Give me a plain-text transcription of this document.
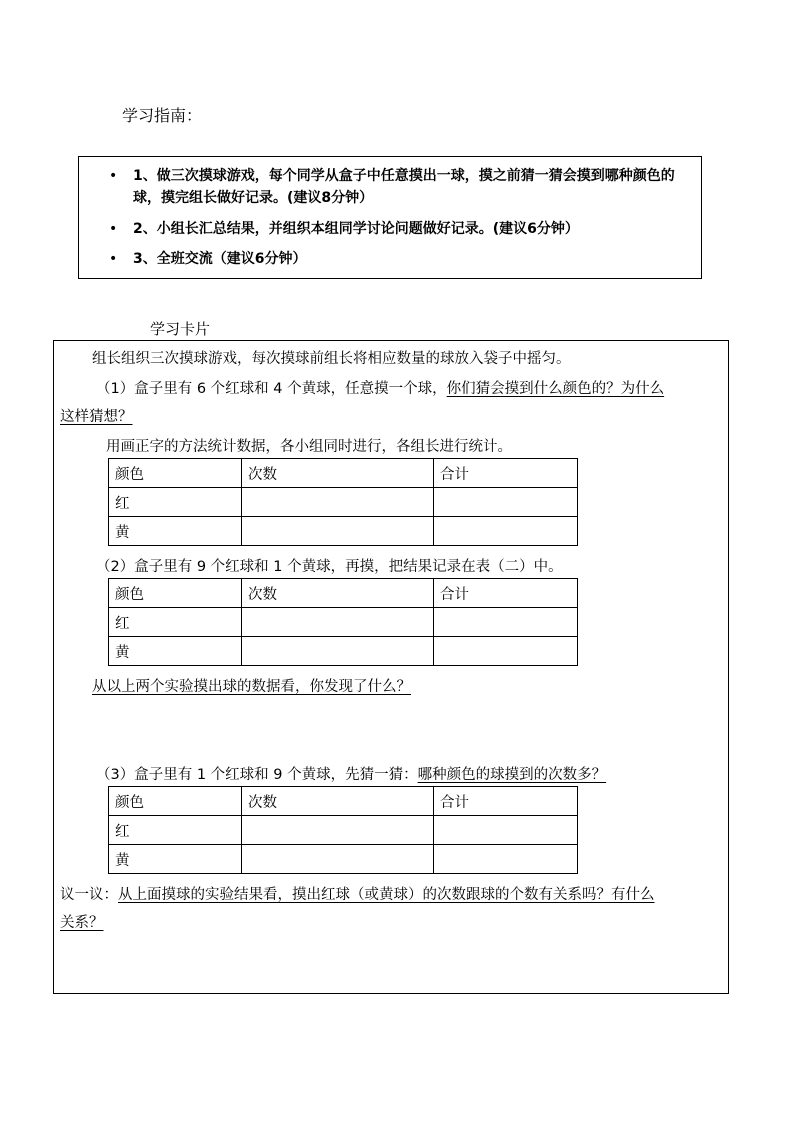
学习指南：
• 1、做三次摸球游戏，每个同学从盒子中任意摸出一球，摸之前猜一猜会摸到哪种颜色的球，摸完组长做好记录。(建议8分钟）
• 2、小组长汇总结果，并组织本组同学讨论问题做好记录。(建议6分钟）
• 3、全班交流（建议6分钟）
学习卡片
组长组织三次摸球游戏，每次摸球前组长将相应数量的球放入袋子中摇匀。
（1）盒子里有 6 个红球和 4 个黄球，任意摸一个球，你们猜会摸到什么颜色的？为什么
这样猜想？
用画正字的方法统计数据，各小组同时进行，各组长进行统计。
颜色	次数	合计
红		
黄		
（2）盒子里有 9 个红球和 1 个黄球，再摸，把结果记录在表（二）中。
颜色	次数	合计
红		
黄		
从以上两个实验摸出球的数据看，你发现了什么？
（3）盒子里有 1 个红球和 9 个黄球，先猜一猜：哪种颜色的球摸到的次数多？
颜色	次数	合计
红		
黄		
议一议：从上面摸球的实验结果看，摸出红球（或黄球）的次数跟球的个数有关系吗？有什么
关系？
